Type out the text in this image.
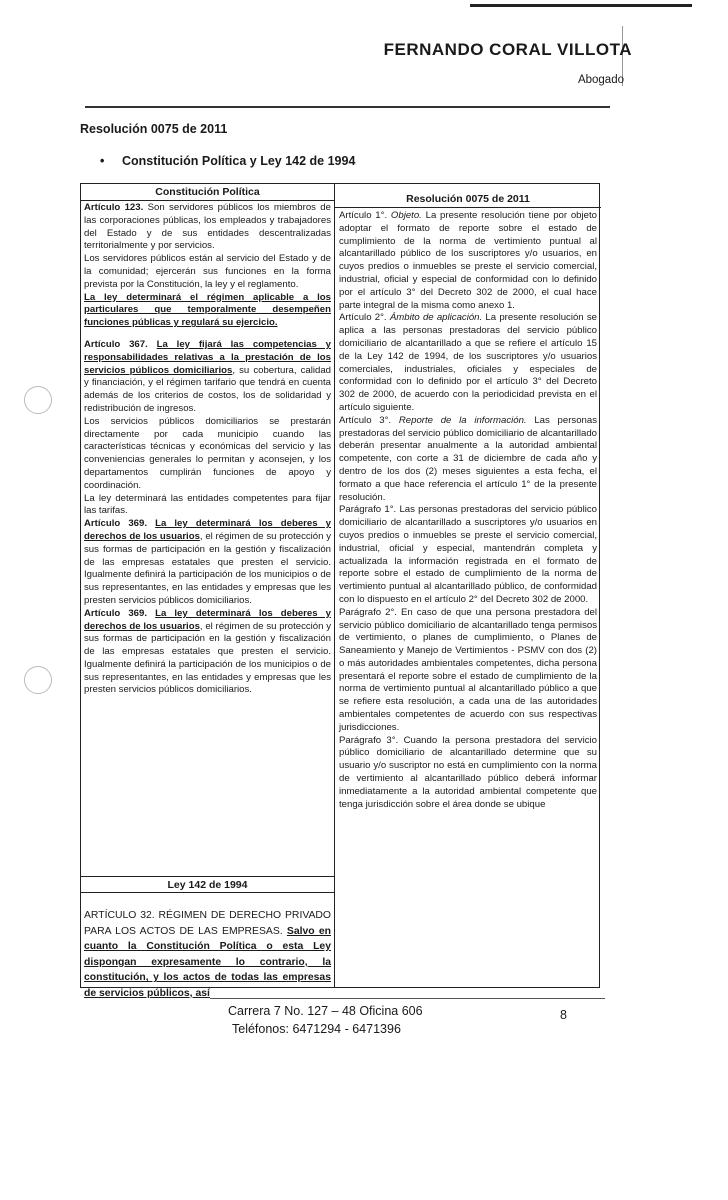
FERNANDO CORAL VILLOTA
Abogado
Resolución 0075 de 2011
• Constitución Política y Ley 142 de 1994
Constitución Política
Resolución 0075 de 2011

Artículo 123. Son servidores públicos los miembros de las corporaciones públicas, los empleados y trabajadores del Estado y de sus entidades descentralizadas territorialmente y por servicios.

Los servidores públicos están al servicio del Estado y de la comunidad; ejercerán sus funciones en la forma prevista por la Constitución, la ley y el reglamento.

La ley determinará el régimen aplicable a los particulares que temporalmente desempeñen funciones públicas y regulará su ejercicio.

Artículo 367. La ley fijará las competencias y responsabilidades relativas a la prestación de los servicios públicos domiciliarios, su cobertura, calidad y financiación, y el régimen tarifario que tendrá en cuenta además de los criterios de costos, los de solidaridad y redistribución de ingresos.

Los servicios públicos domiciliarios se prestarán directamente por cada municipio cuando las características técnicas y económicas del servicio y las conveniencias generales lo permitan y aconsejen, y los departamentos cumplirán funciones de apoyo y coordinación.

La ley determinará las entidades competentes para fijar las tarifas.

Artículo 369. La ley determinará los deberes y derechos de los usuarios, el régimen de su protección y sus formas de participación en la gestión y fiscalización de las empresas estatales que presten el servicio. Igualmente definirá la participación de los municipios o de sus representantes, en las entidades y empresas que les presten servicios públicos domiciliarios.

Artículo 369. La ley determinará los deberes y derechos de los usuarios, el régimen de su protección y sus formas de participación en la gestión y fiscalización de las empresas estatales que presten el servicio. Igualmente definirá la participación de los municipios o de sus representantes, en las entidades y empresas que les presten servicios públicos domiciliarios.

Ley 142 de 1994

ARTÍCULO 32. RÉGIMEN DE DERECHO PRIVADO PARA LOS ACTOS DE LAS EMPRESAS. Salvo en cuanto la Constitución Política o esta Ley dispongan expresamente lo contrario, la constitución, y los actos de todas las empresas de servicios públicos, así

Artículo 1°. Objeto. La presente resolución tiene por objeto adoptar el formato de reporte sobre el estado de cumplimiento de la norma de vertimiento puntual al alcantarillado público de los suscriptores y/o usuarios, en cuyos predios o inmuebles se preste el servicio comercial, industrial, oficial y especial de conformidad con lo definido por el artículo 3° del Decreto 302 de 2000, el cual hace parte integral de la misma como anexo 1.

Artículo 2°. Ámbito de aplicación. La presente resolución se aplica a las personas prestadoras del servicio público domiciliario de alcantarillado a que se refiere el artículo 15 de la Ley 142 de 1994, de los suscriptores y/o usuarios comerciales, industriales, oficiales y especiales de conformidad con lo definido por el artículo 3° del Decreto 302 de 2000, de acuerdo con la periodicidad prevista en el artículo siguiente.

Artículo 3°. Reporte de la información. Las personas prestadoras del servicio público domiciliario de alcantarillado deberán presentar anualmente a la autoridad ambiental competente, con corte a 31 de diciembre de cada año y dentro de los dos (2) meses siguientes a esta fecha, el formato a que hace referencia el artículo 1° de la presente resolución.

Parágrafo 1°. Las personas prestadoras del servicio público domiciliario de alcantarillado a suscriptores y/o usuarios en cuyos predios o inmuebles se preste el servicio comercial, industrial, oficial y especial, mantendrán completa y actualizada la información registrada en el formato de reporte sobre el estado de cumplimiento de la norma de vertimiento puntual al alcantarillado público, de conformidad con lo dispuesto en el artículo 2° del Decreto 302 de 2000.

Parágrafo 2°. En caso de que una persona prestadora del servicio público domiciliario de alcantarillado tenga permisos de vertimiento, o planes de cumplimiento, o Planes de Saneamiento y Manejo de Vertimientos - PSMV con dos (2) o más autoridades ambientales competentes, dicha persona presentará el reporte sobre el estado de cumplimiento de la norma de vertimiento puntual al alcantarillado público a que se refiere esta resolución, a cada una de las autoridades ambientales competentes de acuerdo con sus respectivas jurisdicciones.

Parágrafo 3°. Cuando la persona prestadora del servicio público domiciliario de alcantarillado determine que su usuario y/o suscriptor no está en cumplimiento con la norma de vertimiento al alcantarillado público deberá informar inmediatamente a la autoridad ambiental competente que tenga jurisdicción sobre el área donde se ubique

Carrera 7 No. 127 – 48 Oficina 606
Teléfonos: 6471294 - 6471396
8
